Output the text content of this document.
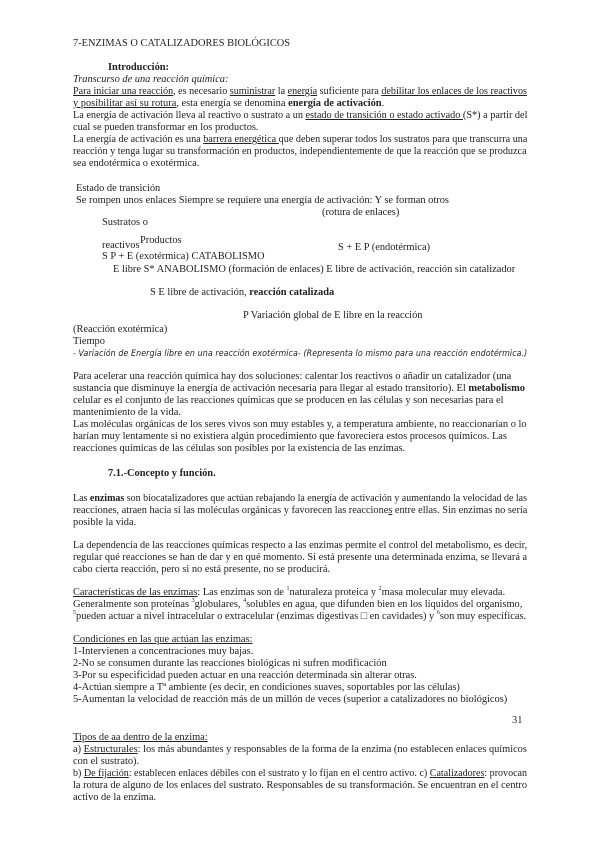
7-ENZIMAS O CATALIZADORES BIOLÓGICOS
Introducción:
Transcurso de una reacción química:
Para iniciar una reacción, es necesario suministrar la energía suficiente para debilitar los enlaces de los reactivos
y posibilitar así su rotura, esta energía se denomina energía de activación.
La energía de activación lleva al reactivo o sustrato a un estado de transición o estado activado (S*) a partir del
cual se pueden transformar en los productos.
La energía de activación es una barrera energética que deben superar todos los sustratos para que transcurra una
reacción y tenga lugar su transformación en productos, independientemente de que la reacción que se produzca
sea endotérmica o exotérmica.
Estado de transición
Se rompen unos enlaces Siempre se requiere una energía de activación: Y se forman otros
(rotura de enlaces)
Sustratos o
Productos
reactivos	S + E P (endotérmica)
S P + E (exotérmica) CATABOLISMO
E libre S* ANABOLISMO (formación de enlaces) E libre de activación, reacción sin catalizador
S E libre de activación, reacción catalizada
P Variación global de E libre en la reacción
(Reacción exotérmica)
Tiempo
- Variación de Energía libre en una reacción exotérmica- (Representa lo mismo para una reacción endotérmica.)
Para acelerar una reacción química hay dos soluciones: calentar los reactivos o añadir un catalizador (una
sustancia que disminuye la energía de activación necesaria para llegar al estado transitorio). El metabolismo
celular es el conjunto de las reacciones químicas que se producen en las células y son necesarias para el
mantenimiento de la vida.
Las moléculas orgánicas de los seres vivos son muy estables y, a temperatura ambiente, no reaccionarían o lo
harían muy lentamente si no existiera algún procedimiento que favoreciera estos procesos químicos. Las
reacciones químicas de las células son posibles por la existencia de las enzimas.
7.1.-Concepto y función.
Las enzimas son biocatalizadores que actúan rebajando la energía de activación y aumentando la velocidad de las
reacciones, atraen hacia sí las moléculas orgánicas y favorecen las reacciones entre ellas. Sin enzimas no sería
posible la vida.
La dependencia de las reacciones químicas respecto a las enzimas permite el control del metabolismo, es decir,
regular qué reacciones se han de dar y en qué momento. Si está presente una determinada enzima, se llevará a
cabo cierta reacción, pero si no está presente, no se producirá.
Características de las enzimas: Las enzimas son de $^1$naturaleza proteica y $^2$masa molecular muy elevada.
Generalmente son proteínas $^3$globulares, $^4$solubles en agua, que difunden bien en los líquidos del organismo,
$^5$pueden actuar a nivel intracelular o extracelular (enzimas digestivas □ en cavidades) y $^6$son muy específicas.
Condiciones en las que actúan las enzimas:
1-Intervienen a concentraciones muy bajas.
2-No se consumen durante las reacciones biológicas ni sufren modificación
3-Por su especificidad pueden actuar en una reacción determinada sin alterar otras.
4-Actúan siempre a Tª ambiente (es decir, en condiciones suaves, soportables por las células)
5-Aumentan la velocidad de reacción más de un millón de veces (superior a catalizadores no biológicos)
31
Tipos de aa dentro de la enzima:
a) Estructurales: los más abundantes y responsables de la forma de la enzima (no establecen enlaces químicos
con el sustrato).
b) De fijación: establecen enlaces débiles con el sustrato y lo fijan en el centro activo. c) Catalizadores: provocan
la rotura de alguno de los enlaces del sustrato. Responsables de su transformación. Se encuentran en el centro
activo de la enzima.
